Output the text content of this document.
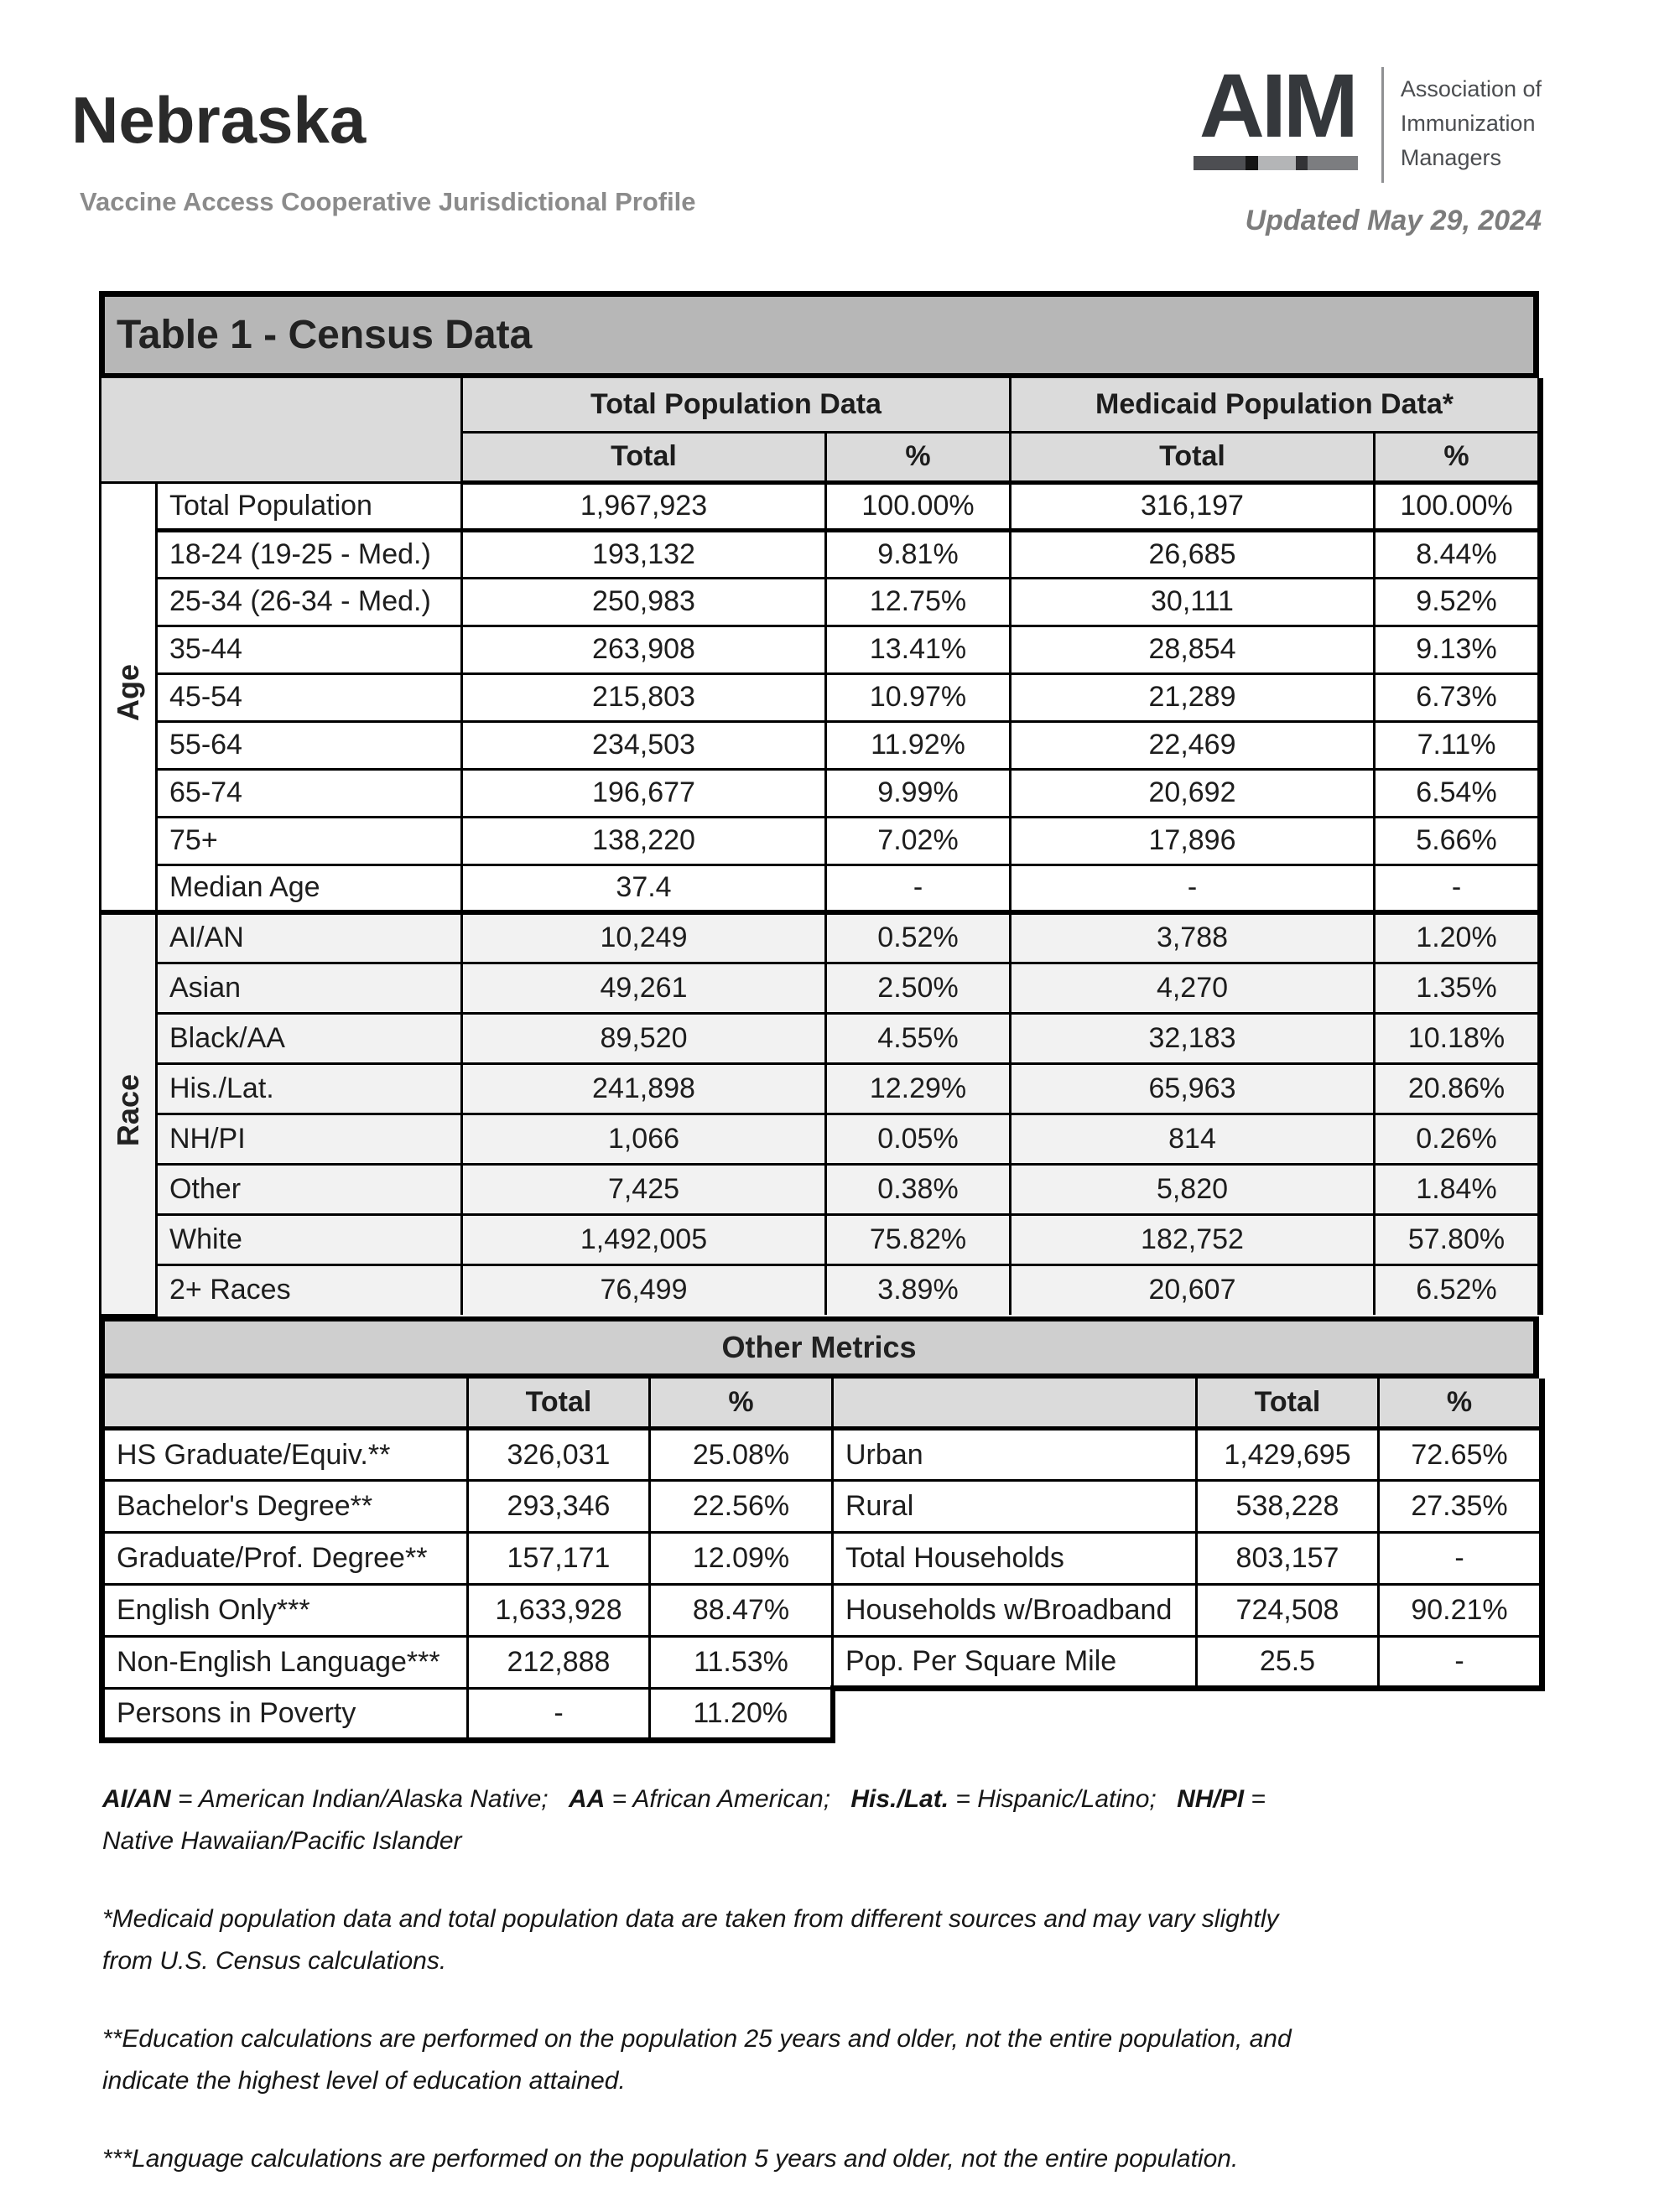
Nebraska
Vaccine Access Cooperative Jurisdictional Profile
AIM Association of
Immunization
Managers
Updated May 29, 2024
Table 1 - Census Data
		Total Population Data		Medicaid Population Data*	
		Total	%	Total	%
Age	Total Population	1,967,923	100.00%	316,197	100.00%
	18-24 (19-25 - Med.)	193,132	9.81%	26,685	8.44%
	25-34 (26-34 - Med.)	250,983	12.75%	30,111	9.52%
	35-44	263,908	13.41%	28,854	9.13%
	45-54	215,803	10.97%	21,289	6.73%
	55-64	234,503	11.92%	22,469	7.11%
	65-74	196,677	9.99%	20,692	6.54%
	75+	138,220	7.02%	17,896	5.66%
	Median Age	37.4	-	-	-
Race	AI/AN	10,249	0.52%	3,788	1.20%
	Asian	49,261	2.50%	4,270	1.35%
	Black/AA	89,520	4.55%	32,183	10.18%
	His./Lat.	241,898	12.29%	65,963	20.86%
	NH/PI	1,066	0.05%	814	0.26%
	Other	7,425	0.38%	5,820	1.84%
	White	1,492,005	75.82%	182,752	57.80%
	2+ Races	76,499	3.89%	20,607	6.52%
Other Metrics
	Total	%		Total	%
HS Graduate/Equiv.**	326,031	25.08%	Urban	1,429,695	72.65%
Bachelor's Degree**	293,346	22.56%	Rural	538,228	27.35%
Graduate/Prof. Degree**	157,171	12.09%	Total Households	803,157	-
English Only***	1,633,928	88.47%	Households w/Broadband	724,508	90.21%
Non-English Language***	212,888	11.53%	Pop. Per Square Mile	25.5	-
Persons in Poverty	-	11.20%			

AI/AN = American Indian/Alaska Native; AA = African American; His./Lat. = Hispanic/Latino; NH/PI = Native Hawaiian/Pacific Islander

*Medicaid population data and total population data are taken from different sources and may vary slightly from U.S. Census calculations.

**Education calculations are performed on the population 25 years and older, not the entire population, and indicate the highest level of education attained.

***Language calculations are performed on the population 5 years and older, not the entire population.
